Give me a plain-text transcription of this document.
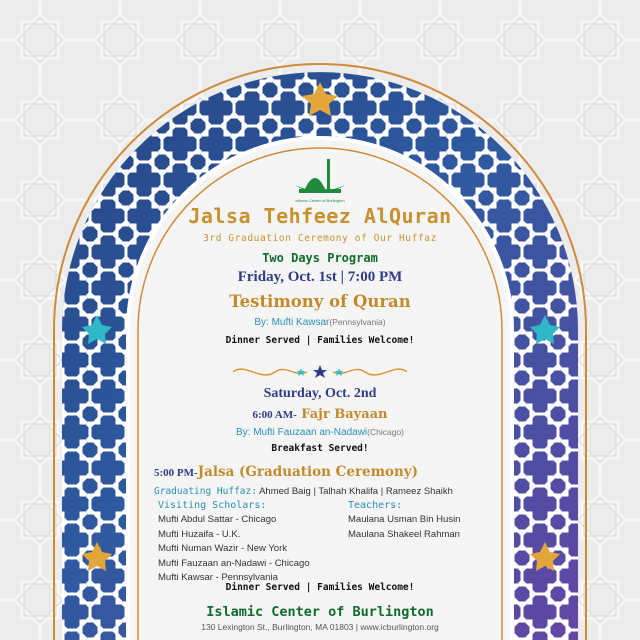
Islamic Center of Burlington
Jalsa Tehfeez AlQuran
3rd Graduation Ceremony of Our Huffaz
Two Days Program
Friday, Oct. 1st | 7:00 PM
Testimony of Quran
By: Mufti Kawsar(Pennsylvania)
Dinner Served | Families Welcome!
Saturday, Oct. 2nd
6:00 AM- Fajr Bayaan
By: Mufti Fauzaan an-Nadawi(Chicago)
Breakfast Served!
5:00 PM-Jalsa (Graduation Ceremony)
Graduating Huffaz: Ahmed Baig | Talhah Khalifa | Rameez Shaikh
Visiting Scholars:
Mufti Abdul Sattar - Chicago
Mufti Huzaifa - U.K.
Mufti Numan Wazir - New York
Mufti Fauzaan an-Nadawi - Chicago
Mufti Kawsar - Pennsylvania
Teachers:
Maulana Usman Bin Husin
Maulana Shakeel Rahman
Dinner Served | Families Welcome!
Islamic Center of Burlington
130 Lexington St., Burlington, MA 01803 | www.icburlington.org
